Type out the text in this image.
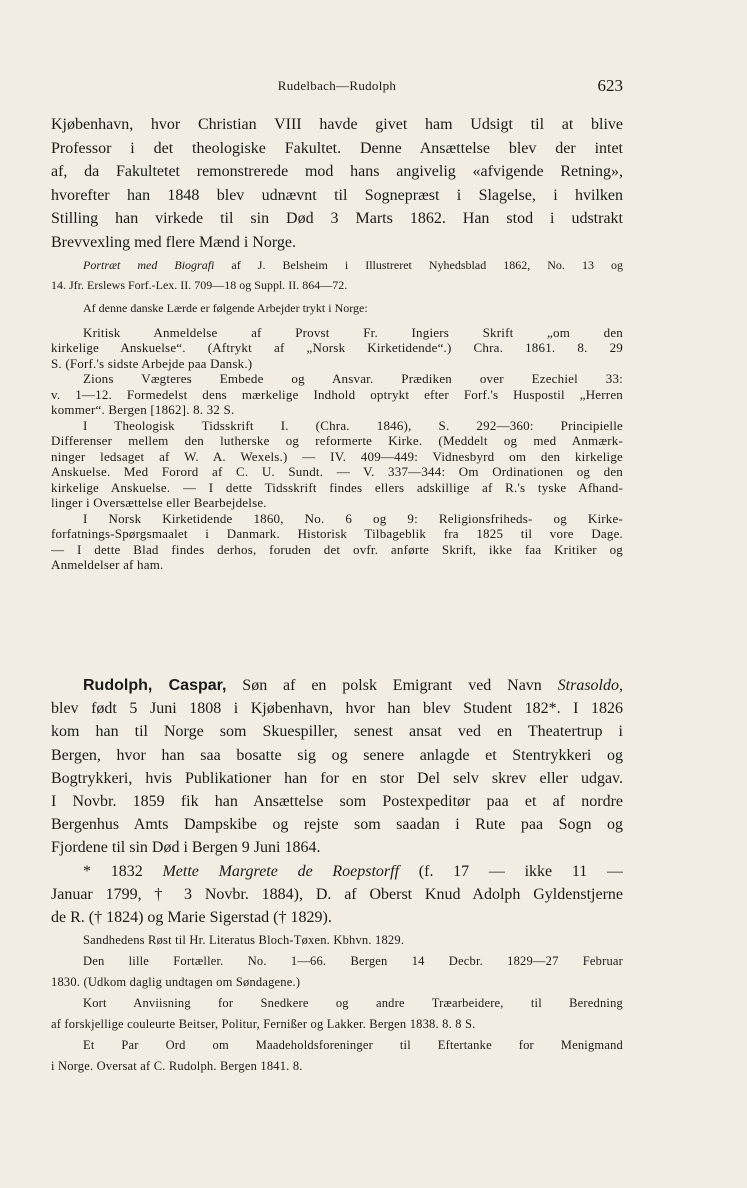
Rudelbach—Rudolph	623
Kjøbenhavn, hvor Christian VIII havde givet ham Udsigt til at blive
Professor i det theologiske Fakultet. Denne Ansættelse blev der intet
af, da Fakultetet remonstrerede mod hans angivelig «afvigende Retning»,
hvorefter han 1848 blev udnævnt til Sognepræst i Slagelse, i hvilken
Stilling han virkede til sin Død 3 Marts 1862. Han stod i udstrakt
Brevvexling med flere Mænd i Norge.
Portræt med Biografi af J. Belsheim i Illustreret Nyhedsblad 1862, No. 13 og
14. Jfr. Erslews Forf.-Lex. II. 709—18 og Suppl. II. 864—72.
Af denne danske Lærde er følgende Arbejder trykt i Norge:
Kritisk Anmeldelse af Provst Fr. Ingiers Skrift „om den
kirkelige Anskuelse“. (Aftrykt af „Norsk Kirketidende“.) Chra. 1861. 8. 29
S. (Forf.'s sidste Arbejde paa Dansk.)
Zions Vægteres Embede og Ansvar. Prædiken over Ezechiel 33:
v. 1—12. Formedelst dens mærkelige Indhold optrykt efter Forf.'s Huspostil „Herren
kommer“. Bergen [1862]. 8. 32 S.
I Theologisk Tidsskrift I. (Chra. 1846), S. 292—360: Principielle
Differenser mellem den lutherske og reformerte Kirke. (Meddelt og med Anmærk-
ninger ledsaget af W. A. Wexels.) — IV. 409—449: Vidnesbyrd om den kirkelige
Anskuelse. Med Forord af C. U. Sundt. — V. 337—344: Om Ordinationen og den
kirkelige Anskuelse. — I dette Tidsskrift findes ellers adskillige af R.'s tyske Afhand-
linger i Oversættelse eller Bearbejdelse.
I Norsk Kirketidende 1860, No. 6 og 9: Religionsfriheds- og Kirke-
forfatnings-Spørgsmaalet i Danmark. Historisk Tilbageblik fra 1825 til vore Dage.
— I dette Blad findes derhos, foruden det ovfr. anførte Skrift, ikke faa Kritiker og
Anmeldelser af ham.
Rudolph, Caspar, Søn af en polsk Emigrant ved Navn Strasoldo,
blev født 5 Juni 1808 i Kjøbenhavn, hvor han blev Student 182*. I 1826
kom han til Norge som Skuespiller, senest ansat ved en Theatertrup i
Bergen, hvor han saa bosatte sig og senere anlagde et Stentrykkeri og
Bogtrykkeri, hvis Publikationer han for en stor Del selv skrev eller udgav.
I Novbr. 1859 fik han Ansættelse som Postexpeditør paa et af nordre
Bergenhus Amts Dampskibe og rejste som saadan i Rute paa Sogn og
Fjordene til sin Død i Bergen 9 Juni 1864.
* 1832 Mette Margrete de Roepstorff (f. 17 — ikke 11 —
Januar 1799, † 3 Novbr. 1884), D. af Oberst Knud Adolph Gyldenstjerne
de R. († 1824) og Marie Sigerstad († 1829).
Sandhedens Røst til Hr. Literatus Bloch-Tøxen. Kbhvn. 1829.
Den lille Fortæller. No. 1—66. Bergen 14 Decbr. 1829—27 Februar
1830. (Udkom daglig undtagen om Søndagene.)
Kort Anviisning for Snedkere og andre Træarbeidere, til Beredning
af forskjellige couleurte Beitser, Politur, Fernißer og Lakker. Bergen 1838. 8. 8 S.
Et Par Ord om Maadeholdsforeninger til Eftertanke for Menigmand
i Norge. Oversat af C. Rudolph. Bergen 1841. 8.
